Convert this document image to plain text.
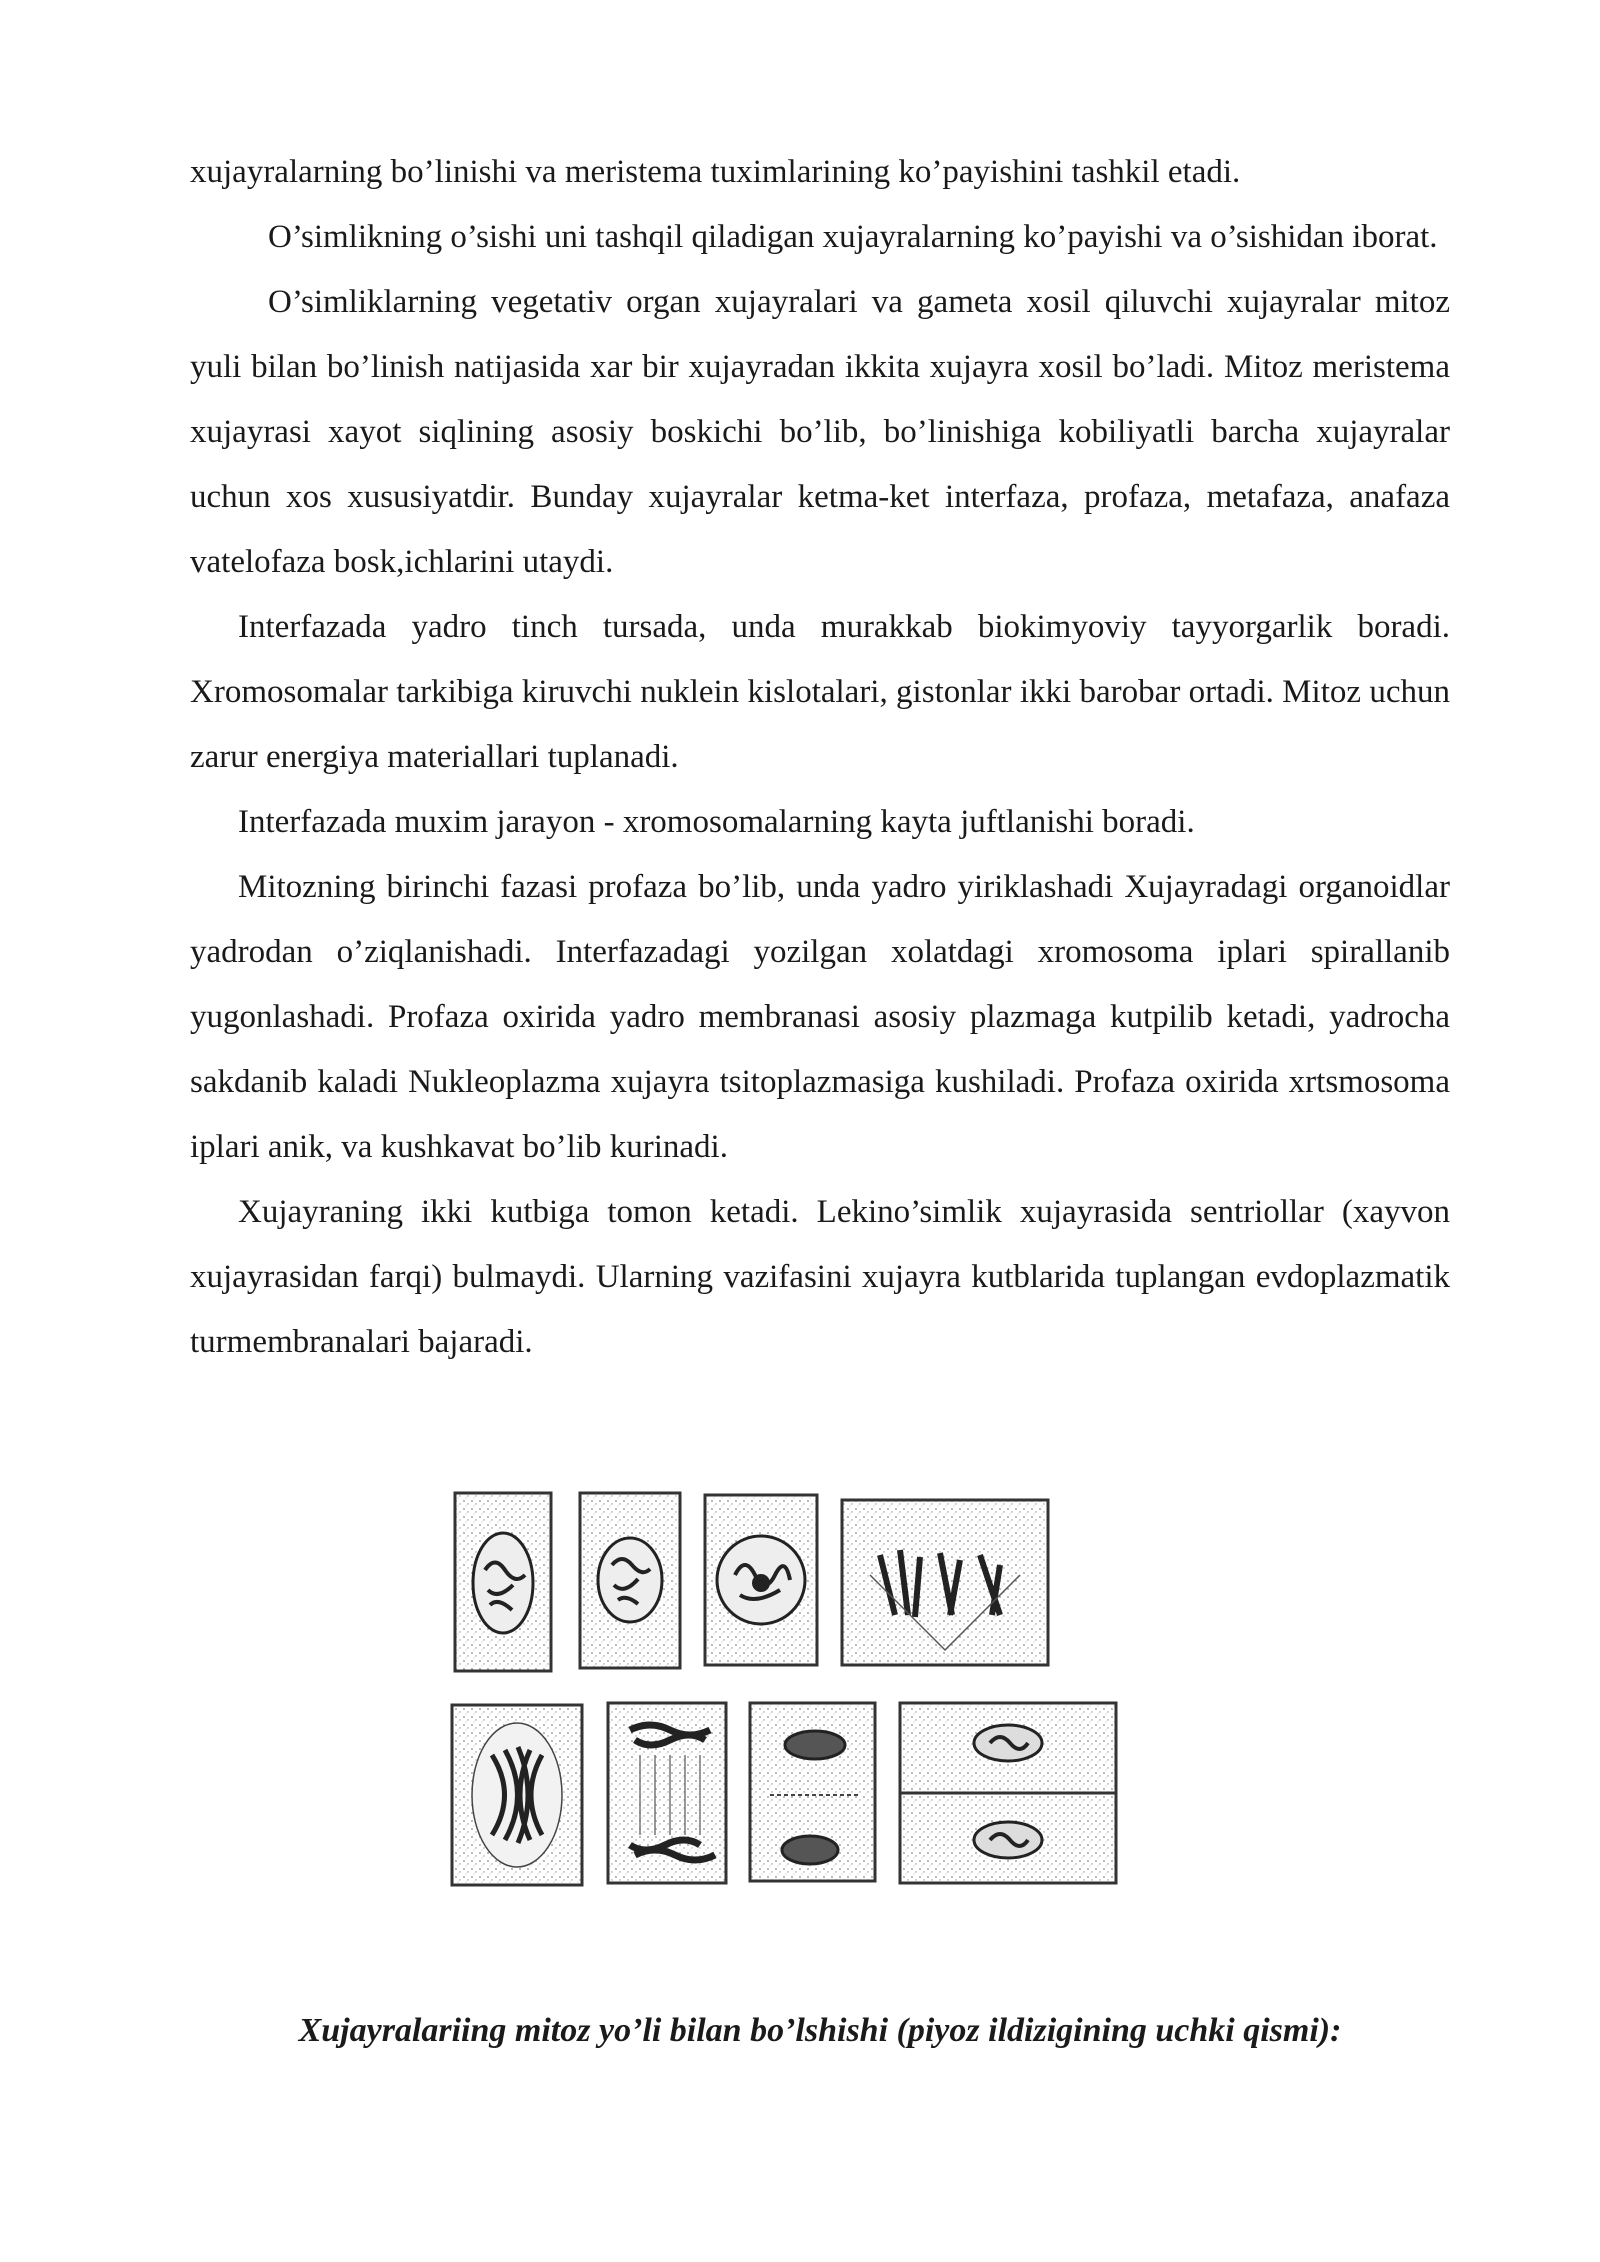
xujayralarning bo’linishi va meristema tuximlarining ko’payishini tashkil etadi.

O’simlikning o’sishi uni tashqil qiladigan xujayralarning ko’payishi va o’sishidan iborat.

O’simliklarning vegetativ organ xujayralari va gameta xosil qiluvchi xujayralar mitoz yuli bilan bo’linish natijasida xar bir xujayradan ikkita xujayra xosil bo’ladi. Mitoz meristema xujayrasi xayot siqlining asosiy boskichi bo’lib, bo’linishiga kobiliyatli barcha xujayralar uchun xos xususiyatdir. Bunday xujayralar ketma-ket interfaza, profaza, metafaza, anafaza vatelofaza bosk,ichlarini utaydi.

Interfazada yadro tinch tursada, unda murakkab biokimyoviy tayyorgarlik boradi. Xromosomalar tarkibiga kiruvchi nuklein kislotalari, gistonlar ikki barobar ortadi. Mitoz uchun zarur energiya materiallari tuplanadi.

Interfazada muxim jarayon - xromosomalarning kayta juftlanishi boradi.

Mitozning birinchi fazasi profaza bo’lib, unda yadro yiriklashadi Xujayradagi organoidlar yadrodan o’ziqlanishadi. Interfazadagi yozilgan xolatdagi xromosoma iplari spirallanib yugonlashadi. Profaza oxirida yadro membranasi asosiy plazmaga kutpilib ketadi, yadrocha sakdanib kaladi Nukleoplazma xujayra tsitoplazmasiga kushiladi. Profaza oxirida xrtsmosoma iplari anik, va kushkavat bo’lib kurinadi.

Xujayraning ikki kutbiga tomon ketadi. Lekino’simlik xujayrasida sentriollar (xayvon xujayrasidan farqi) bulmaydi. Ularning vazifasini xujayra kutblarida tuplangan evdoplazmatik turmembranalari bajaradi.

Xujayralariing mitoz yo’li bilan bo’lshishi (piyoz ildizigining uchki qismi):
